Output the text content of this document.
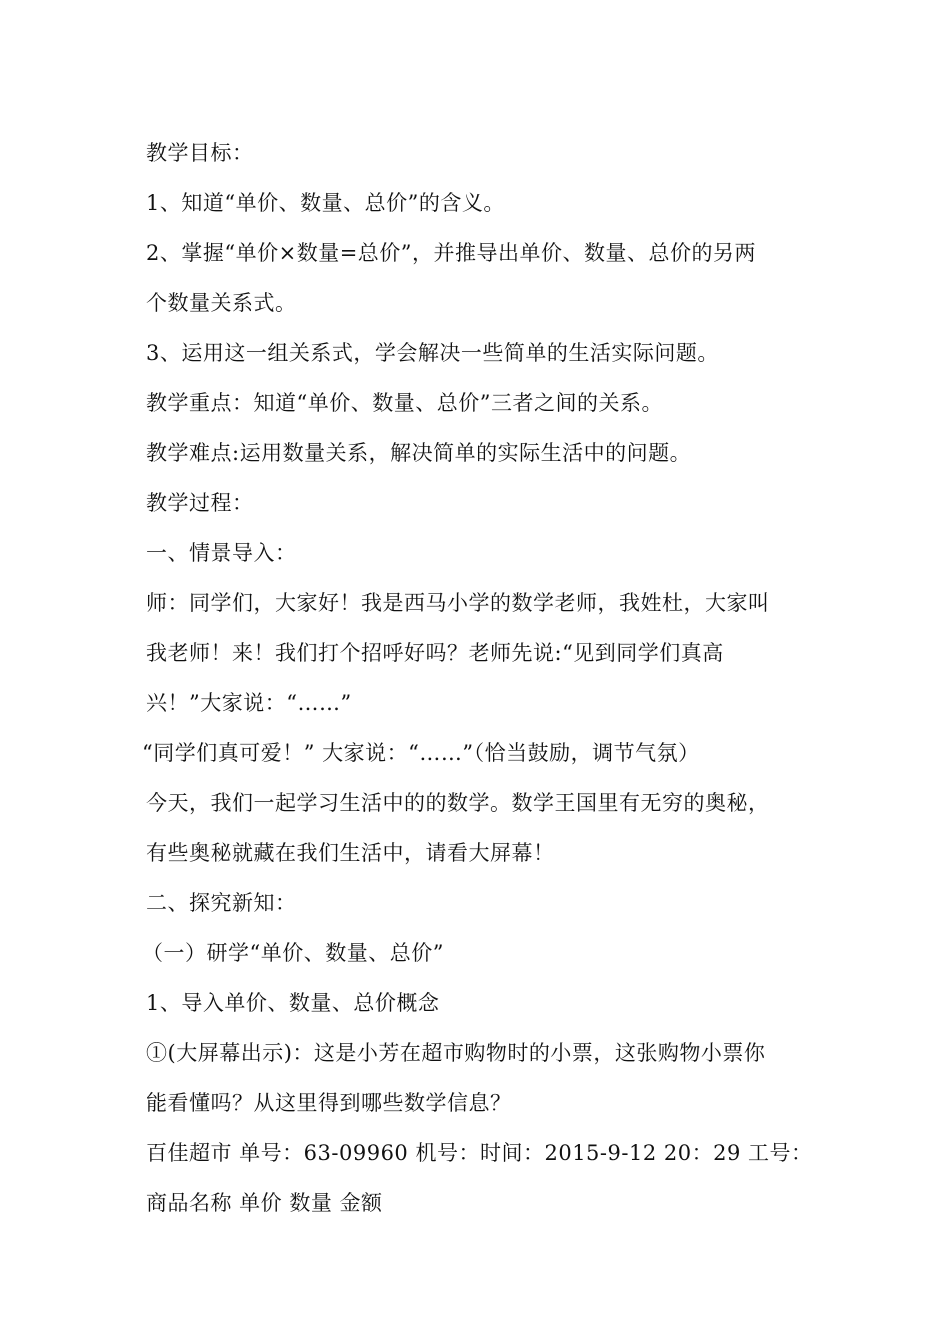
教学目标：
1、知道“单价、数量、总价”的含义。
2、掌握“单价×数量=总价”，并推导出单价、数量、总价的另两
个数量关系式。
3、运用这一组关系式，学会解决一些简单的生活实际问题。
教学重点：知道“单价、数量、总价”三者之间的关系。
教学难点:运用数量关系，解决简单的实际生活中的问题。
教学过程：
一、情景导入：
师：同学们，大家好！我是西马小学的数学老师，我姓杜，大家叫
我老师！来！我们打个招呼好吗？老师先说:“见到同学们真高
兴！”大家说：“……”
“同学们真可爱！” 大家说：“……”（恰当鼓励，调节气氛）
今天，我们一起学习生活中的的数学。数学王国里有无穷的奥秘，
有些奥秘就藏在我们生活中，请看大屏幕！
二、探究新知：
（一）研学“单价、数量、总价”
1、导入单价、数量、总价概念
①(大屏幕出示)：这是小芳在超市购物时的小票，这张购物小票你
能看懂吗？从这里得到哪些数学信息？
百佳超市 单号：63-09960 机号：时间：2015-9-12 20：29 工号：
商品名称 单价 数量 金额
